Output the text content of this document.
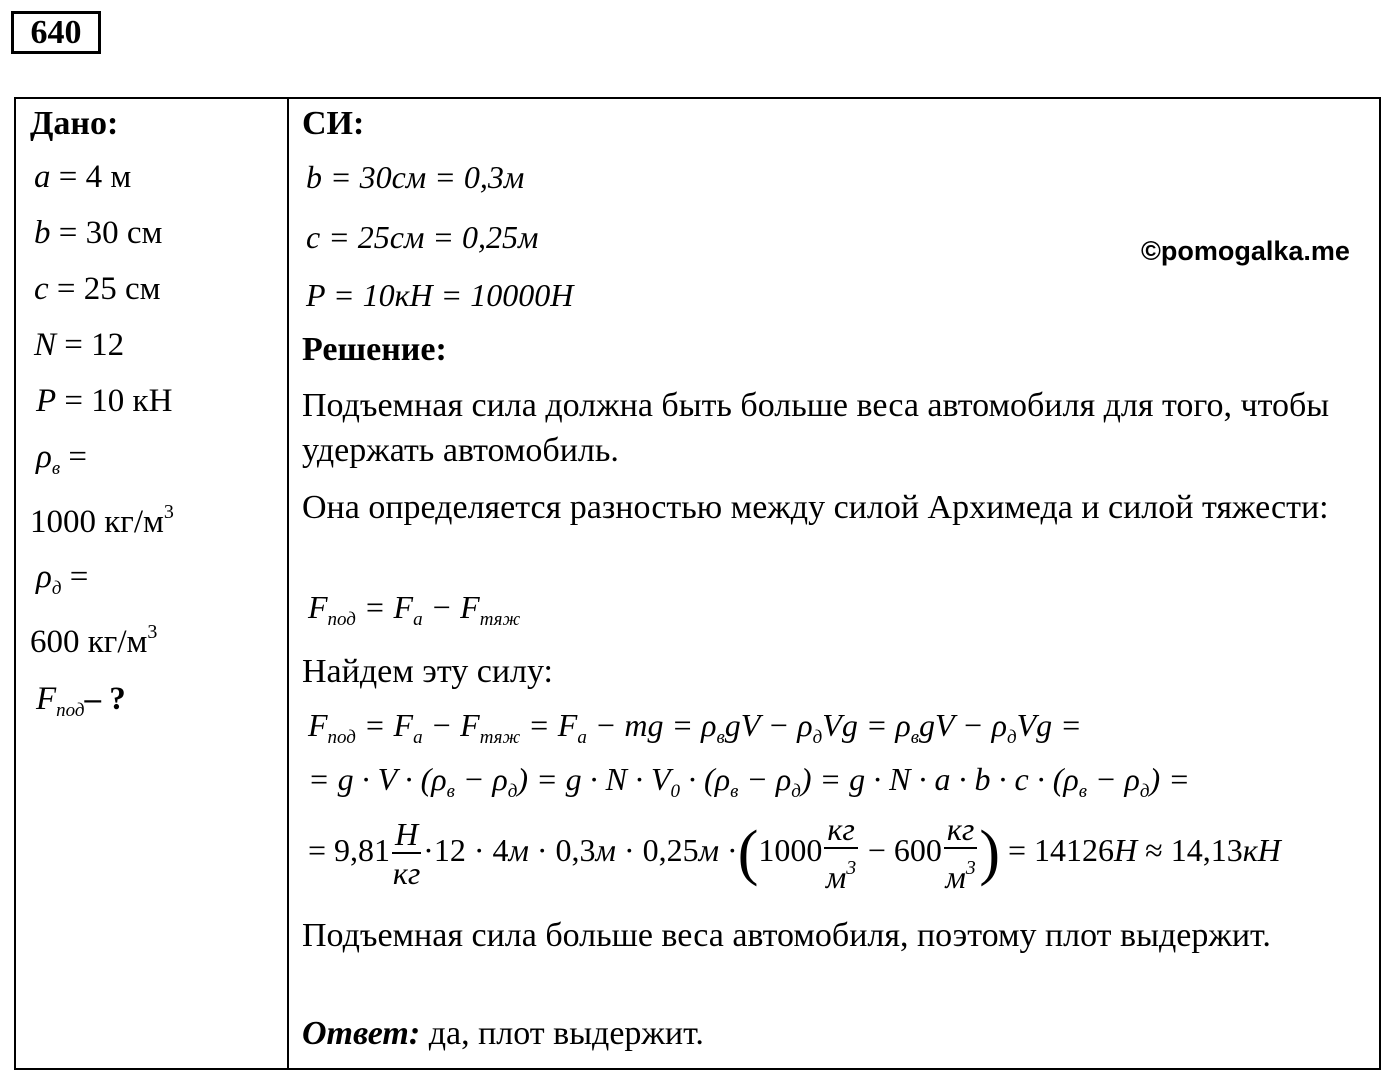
640
Дано:
a = 4 м
b = 30 см
c = 25 см
N = 12
P = 10 кН
$\rho_в$ =
1000 $кг/м^3$
$\rho_д$ =
600 $кг/м^3$
$F_{под}-$ ?
СИ:
b = 30см = 0,3м
c = 25см = 0,25м
P = 10кН = 10000Н
Решение:
Подъемная сила должна быть больше веса автомобиля для того, чтобы удержать автомобиль.
Она определяется разностью между силой Архимеда и силой тяжести:
$F_{под} = F_a - F_{тяж}$
Найдем эту силу:
$F_{под} = F_a - F_{тяж} = F_a$ − mg = $\rho_вgV - \rho_дVg = \rho_вgV - \rho_дVg$ =
= $g \cdot V \cdot (\rho_в - \rho_д) = g \cdot N \cdot V_0 \cdot (\rho_в - \rho_д) = g \cdot N \cdot a \cdot b \cdot c \cdot (\rho_в - \rho_д)$ =
= $9,81 \frac{Н}{кг} \cdot 12 \cdot 4м \cdot 0,3м \cdot 0,25м \cdot(1000 \frac{кг}{м^3} - 600 \frac{кг}{м^3}$ ) = 14126Н ≈ 14,13кН
Подъемная сила больше веса автомобиля, поэтому плот выдержит.
Ответ: да, плот выдержит.
©pomogalka.me
